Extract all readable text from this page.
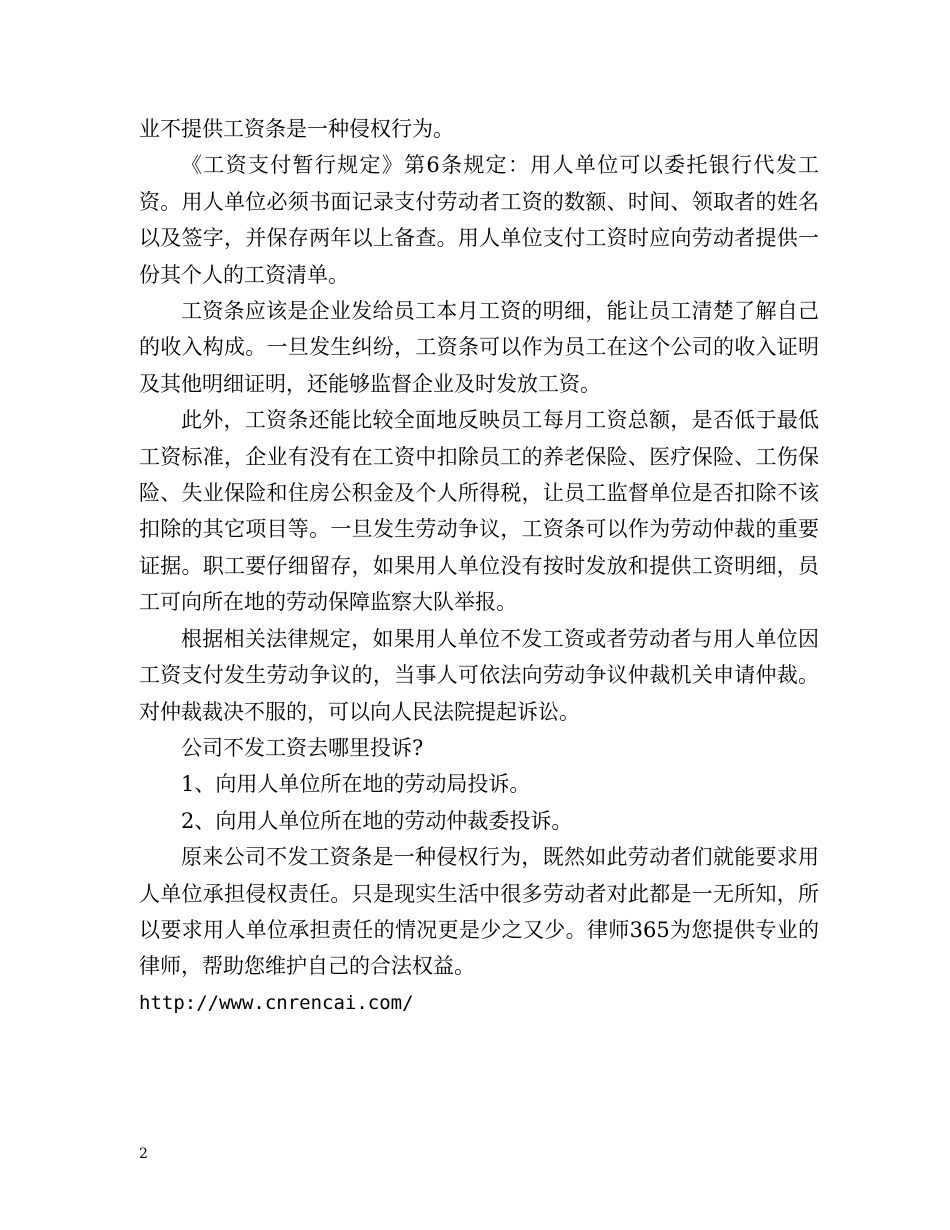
业不提供工资条是一种侵权行为。

《工资支付暂行规定》第6条规定：用人单位可以委托银行代发工资。用人单位必须书面记录支付劳动者工资的数额、时间、领取者的姓名以及签字，并保存两年以上备查。用人单位支付工资时应向劳动者提供一份其个人的工资清单。

工资条应该是企业发给员工本月工资的明细，能让员工清楚了解自己的收入构成。一旦发生纠纷，工资条可以作为员工在这个公司的收入证明及其他明细证明，还能够监督企业及时发放工资。

此外，工资条还能比较全面地反映员工每月工资总额，是否低于最低工资标准，企业有没有在工资中扣除员工的养老保险、医疗保险、工伤保险、失业保险和住房公积金及个人所得税，让员工监督单位是否扣除不该扣除的其它项目等。一旦发生劳动争议，工资条可以作为劳动仲裁的重要证据。职工要仔细留存，如果用人单位没有按时发放和提供工资明细，员工可向所在地的劳动保障监察大队举报。

根据相关法律规定，如果用人单位不发工资或者劳动者与用人单位因工资支付发生劳动争议的，当事人可依法向劳动争议仲裁机关申请仲裁。对仲裁裁决不服的，可以向人民法院提起诉讼。

公司不发工资去哪里投诉?

1、向用人单位所在地的劳动局投诉。

2、向用人单位所在地的劳动仲裁委投诉。

原来公司不发工资条是一种侵权行为，既然如此劳动者们就能要求用人单位承担侵权责任。只是现实生活中很多劳动者对此都是一无所知，所以要求用人单位承担责任的情况更是少之又少。律师365为您提供专业的律师，帮助您维护自己的合法权益。

http://www.cnrencai.com/

2
